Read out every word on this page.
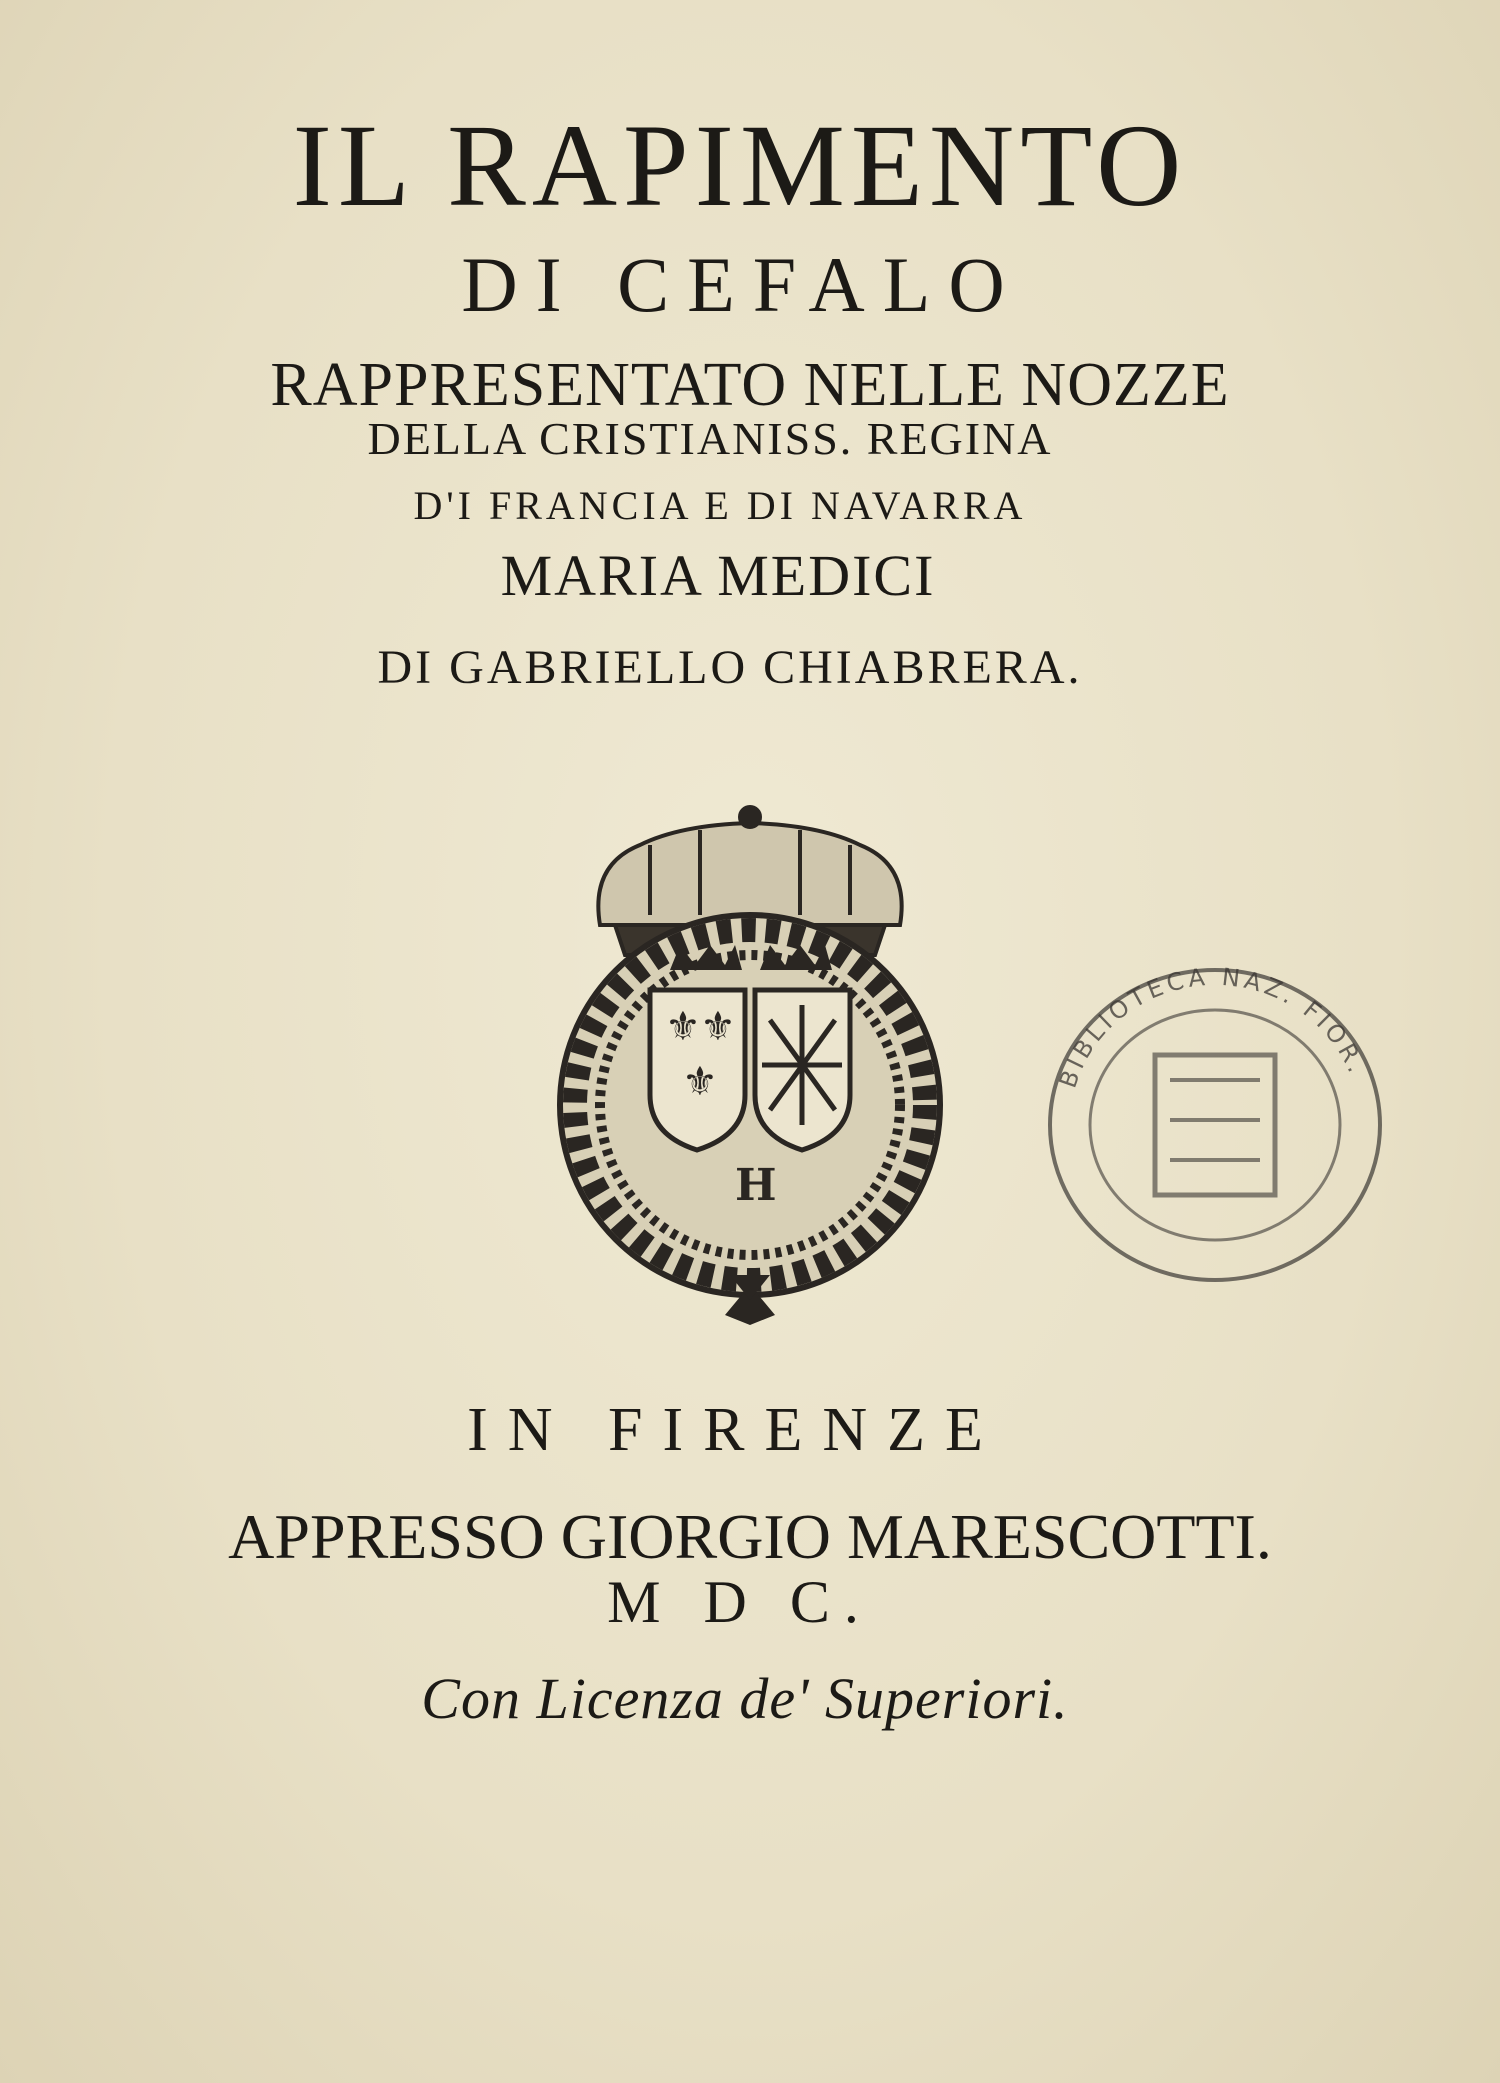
IL RAPIMENTO
DI CEFALO
RAPPRESENTATO NELLE NOZZE
DELLA CRISTIANISS. REGINA
D'I FRANCIA E DI NAVARRA
MARIA MEDICI
DI GABRIELLO CHIABRERA.
⚜ ⚜
⚜
H
BIBLIOTECA NAZ. FIOR.
IN FIRENZE
APPRESSO GIORGIO MARESCOTTI.
M D C.
Con Licenza de' Superiori.
